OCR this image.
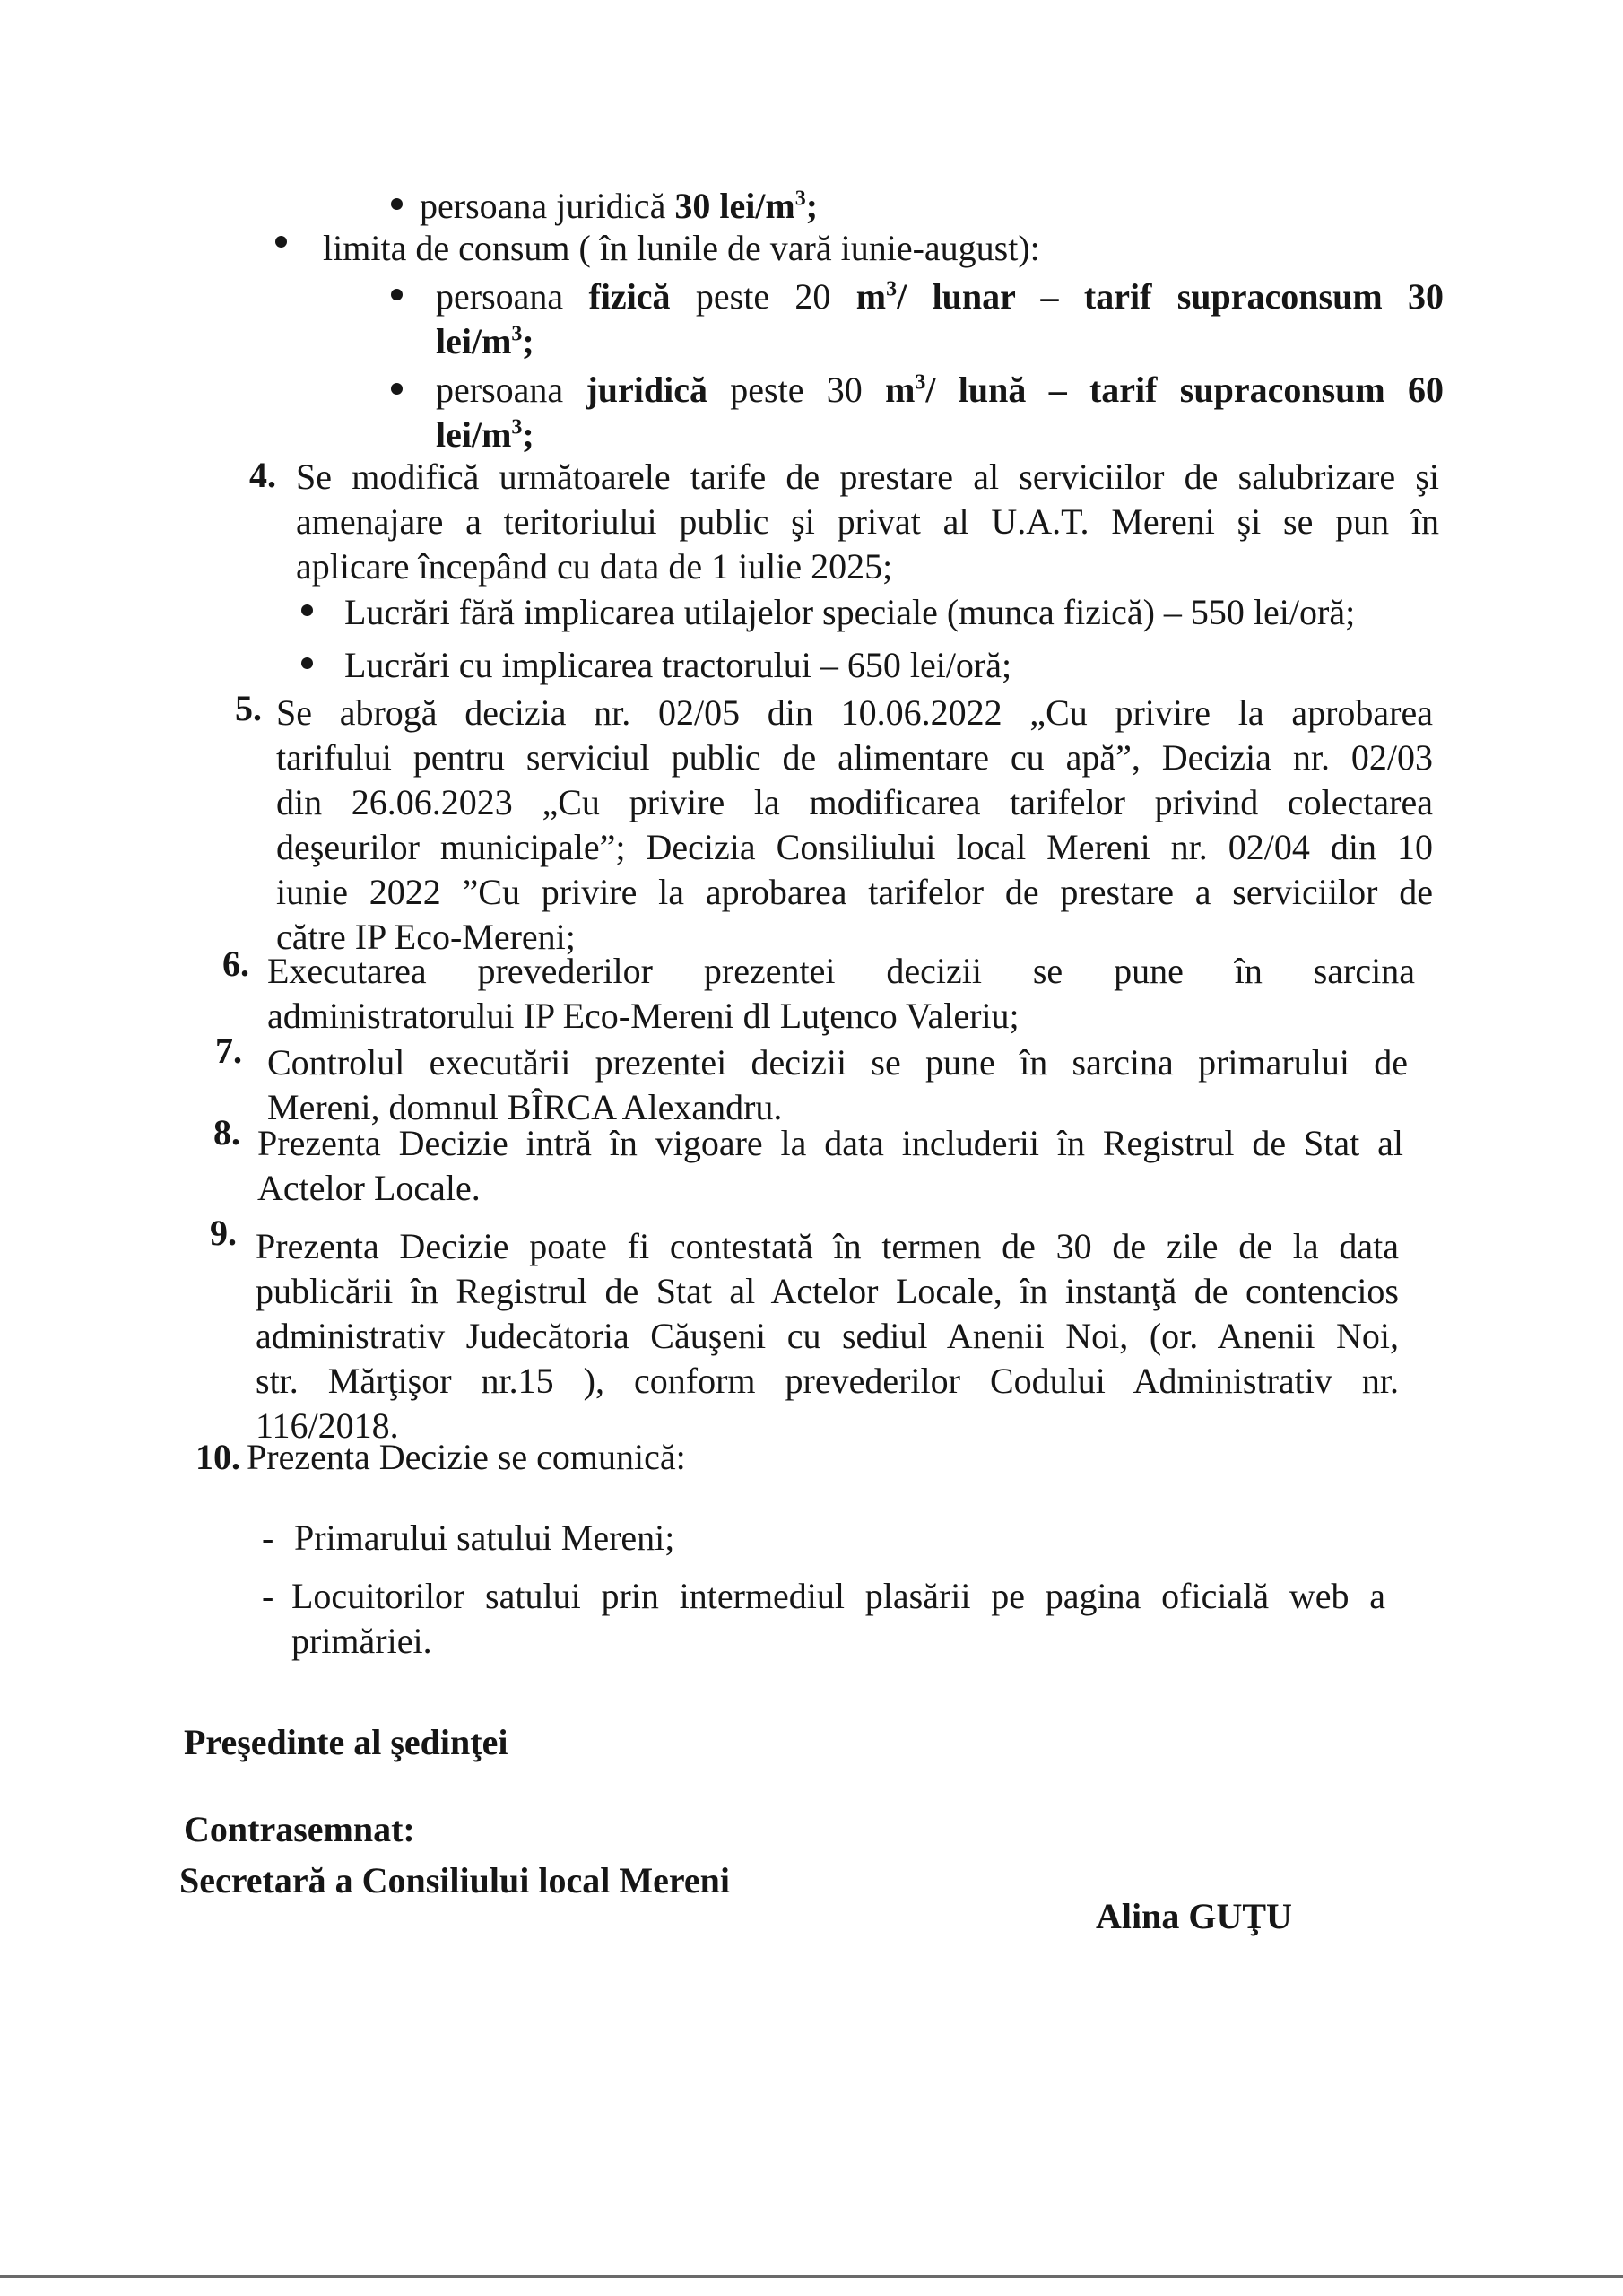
persoana juridică 30 lei/$m^3$;
limita de consum ( în lunile de vară iunie-august):
persoana fizică peste 20 $m^3/$ lunar – tarif supraconsum 30
lei/$m^3$;
persoana juridică peste 30 $m^3/$ lună – tarif supraconsum 60
lei/$m^3$;
4. Se modifică următoarele tarife de prestare al serviciilor de salubrizare şi
amenajare a teritoriului public şi privat al U.A.T. Mereni şi se pun în
aplicare începând cu data de 1 iulie 2025;
Lucrări fără implicarea utilajelor speciale (munca fizică) – 550 lei/oră;
Lucrări cu implicarea tractorului – 650 lei/oră;
5. Se abrogă decizia nr. 02/05 din 10.06.2022 „Cu privire la aprobarea
tarifului pentru serviciul public de alimentare cu apă”, Decizia nr. 02/03
din 26.06.2023 „Cu privire la modificarea tarifelor privind colectarea
deşeurilor municipale”; Decizia Consiliului local Mereni nr. 02/04 din 10
iunie 2022 ”Cu privire la aprobarea tarifelor de prestare a serviciilor de
către IP Eco-Mereni;
6. Executarea prevederilor prezentei decizii se pune în sarcina
administratorului IP Eco-Mereni dl Luţenco Valeriu;
7. Controlul executării prezentei decizii se pune în sarcina primarului de
Mereni, domnul BÎRCA Alexandru.
8. Prezenta Decizie intră în vigoare la data includerii în Registrul de Stat al
Actelor Locale.
9. Prezenta Decizie poate fi contestată în termen de 30 de zile de la data
publicării în Registrul de Stat al Actelor Locale, în instanţă de contencios
administrativ Judecătoria Căuşeni cu sediul Anenii Noi, (or. Anenii Noi,
str. Mărţişor nr.15 ), conform prevederilor Codului Administrativ nr.
116/2018.
10. Prezenta Decizie se comunică:
- Primarului satului Mereni;
- Locuitorilor satului prin intermediul plasării pe pagina oficială web a
primăriei.
Preşedinte al şedinţei
Contrasemnat:
Secretară a Consiliului local Mereni
Alina GUŢU
